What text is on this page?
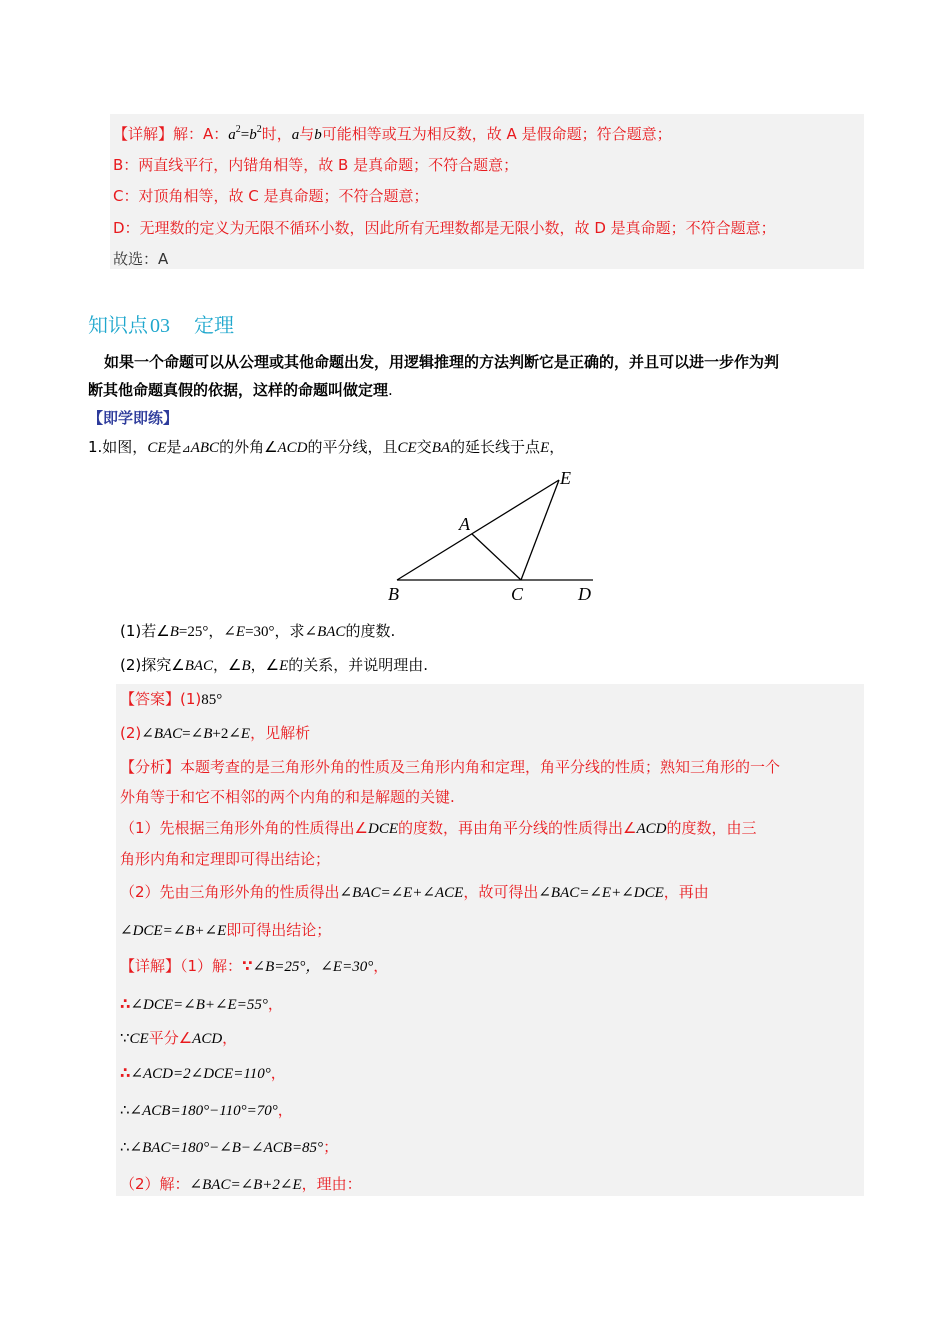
【详解】解：A：$a^2=b^2$时，a与b可能相等或互为相反数，故 A 是假命题；符合题意；
B：两直线平行，内错角相等，故 B 是真命题；不符合题意；
C：对顶角相等，故 C 是真命题；不符合题意；
D：无理数的定义为无限不循环小数，因此所有无理数都是无限小数，故 D 是真命题；不符合题意；
故选：A
知识点 03 定理
如果一个命题可以从公理或其他命题出发，用逻辑推理的方法判断它是正确的，并且可以进一步作为判
断其他命题真假的依据，这样的命题叫做定理.
【即学即练】
1.如图，CE是⊿ABC的外角∠ACD的平分线，且CE交BA的延长线于点E，
E
A
B	C	D
(1)若∠B=25°，∠E=30°，求∠BAC的度数.
(2)探究∠BAC，∠B，∠E的关系，并说明理由.
【答案】(1)85°
(2)∠BAC=∠B+2∠E，见解析
【分析】本题考查的是三角形外角的性质及三角形内角和定理，角平分线的性质；熟知三角形的一个
外角等于和它不相邻的两个内角的和是解题的关键.
（1）先根据三角形外角的性质得出∠DCE的度数，再由角平分线的性质得出∠ACD的度数，由三
角形内角和定理即可得出结论；
（2）先由三角形外角的性质得出∠BAC=∠E+∠ACE，故可得出∠BAC=∠E+∠DCE，再由
∠DCE=∠B+∠E即可得出结论；
【详解】（1）解：∵∠B=25°，∠E=30°，
∴∠DCE=∠B+∠E=55°，
∵CE平分∠ACD，
∴∠ACD=2∠DCE=110°，
∴∠ACB=180°−110°=70°，
∴∠BAC=180°−∠B−∠ACB=85°；
（2）解：∠BAC=∠B+2∠E，理由：
